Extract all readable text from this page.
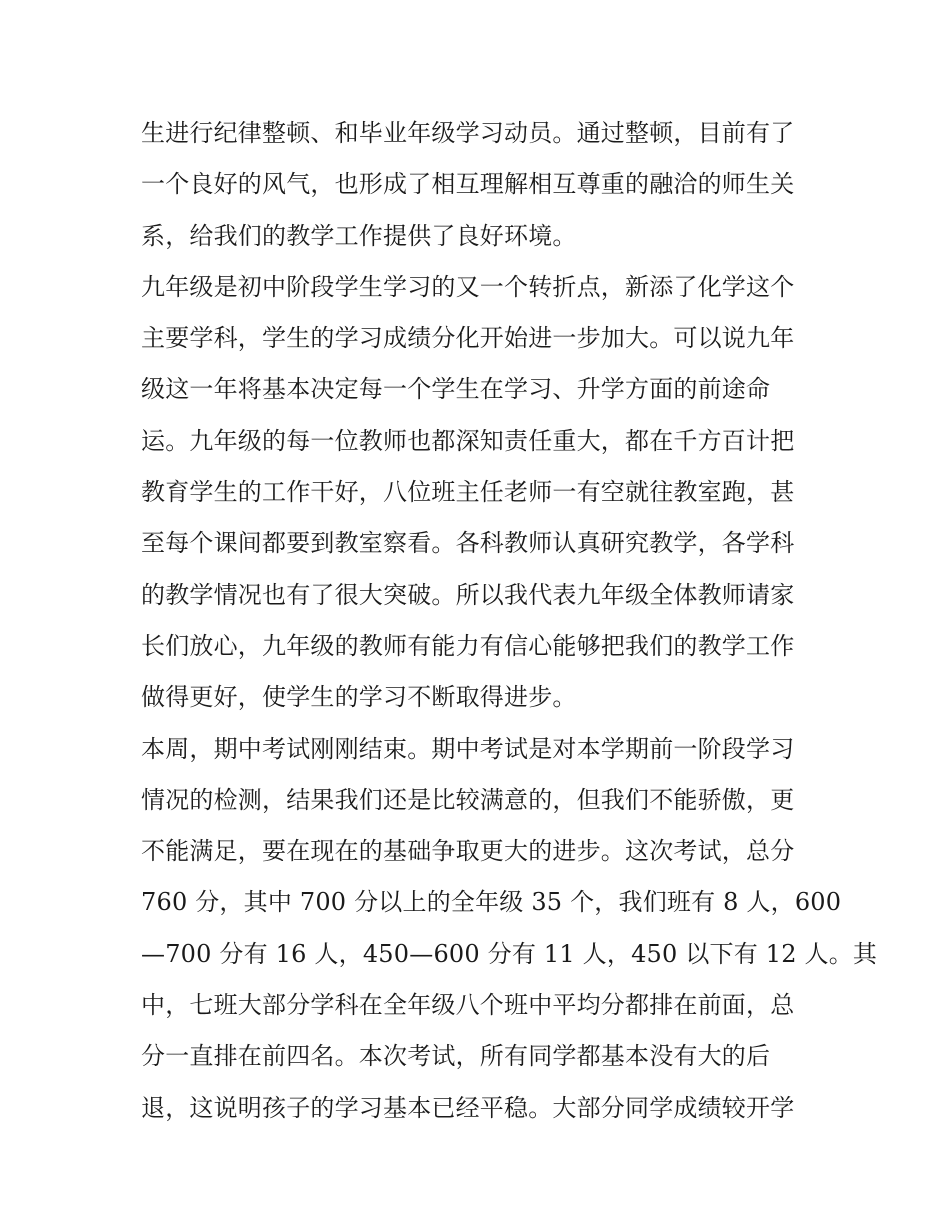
生进行纪律整顿、和毕业年级学习动员。通过整顿，目前有了
一个良好的风气，也形成了相互理解相互尊重的融洽的师生关
系，给我们的教学工作提供了良好环境。
九年级是初中阶段学生学习的又一个转折点，新添了化学这个
主要学科，学生的学习成绩分化开始进一步加大。可以说九年
级这一年将基本决定每一个学生在学习、升学方面的前途命
运。九年级的每一位教师也都深知责任重大，都在千方百计把
教育学生的工作干好，八位班主任老师一有空就往教室跑，甚
至每个课间都要到教室察看。各科教师认真研究教学，各学科
的教学情况也有了很大突破。所以我代表九年级全体教师请家
长们放心，九年级的教师有能力有信心能够把我们的教学工作
做得更好，使学生的学习不断取得进步。
本周，期中考试刚刚结束。期中考试是对本学期前一阶段学习
情况的检测，结果我们还是比较满意的，但我们不能骄傲，更
不能满足，要在现在的基础争取更大的进步。这次考试，总分
760 分，其中 700 分以上的全年级 35 个，我们班有 8 人，600
—700 分有 16 人，450—600 分有 11 人，450 以下有 12 人。其
中，七班大部分学科在全年级八个班中平均分都排在前面，总
分一直排在前四名。本次考试，所有同学都基本没有大的后
退，这说明孩子的学习基本已经平稳。大部分同学成绩较开学
